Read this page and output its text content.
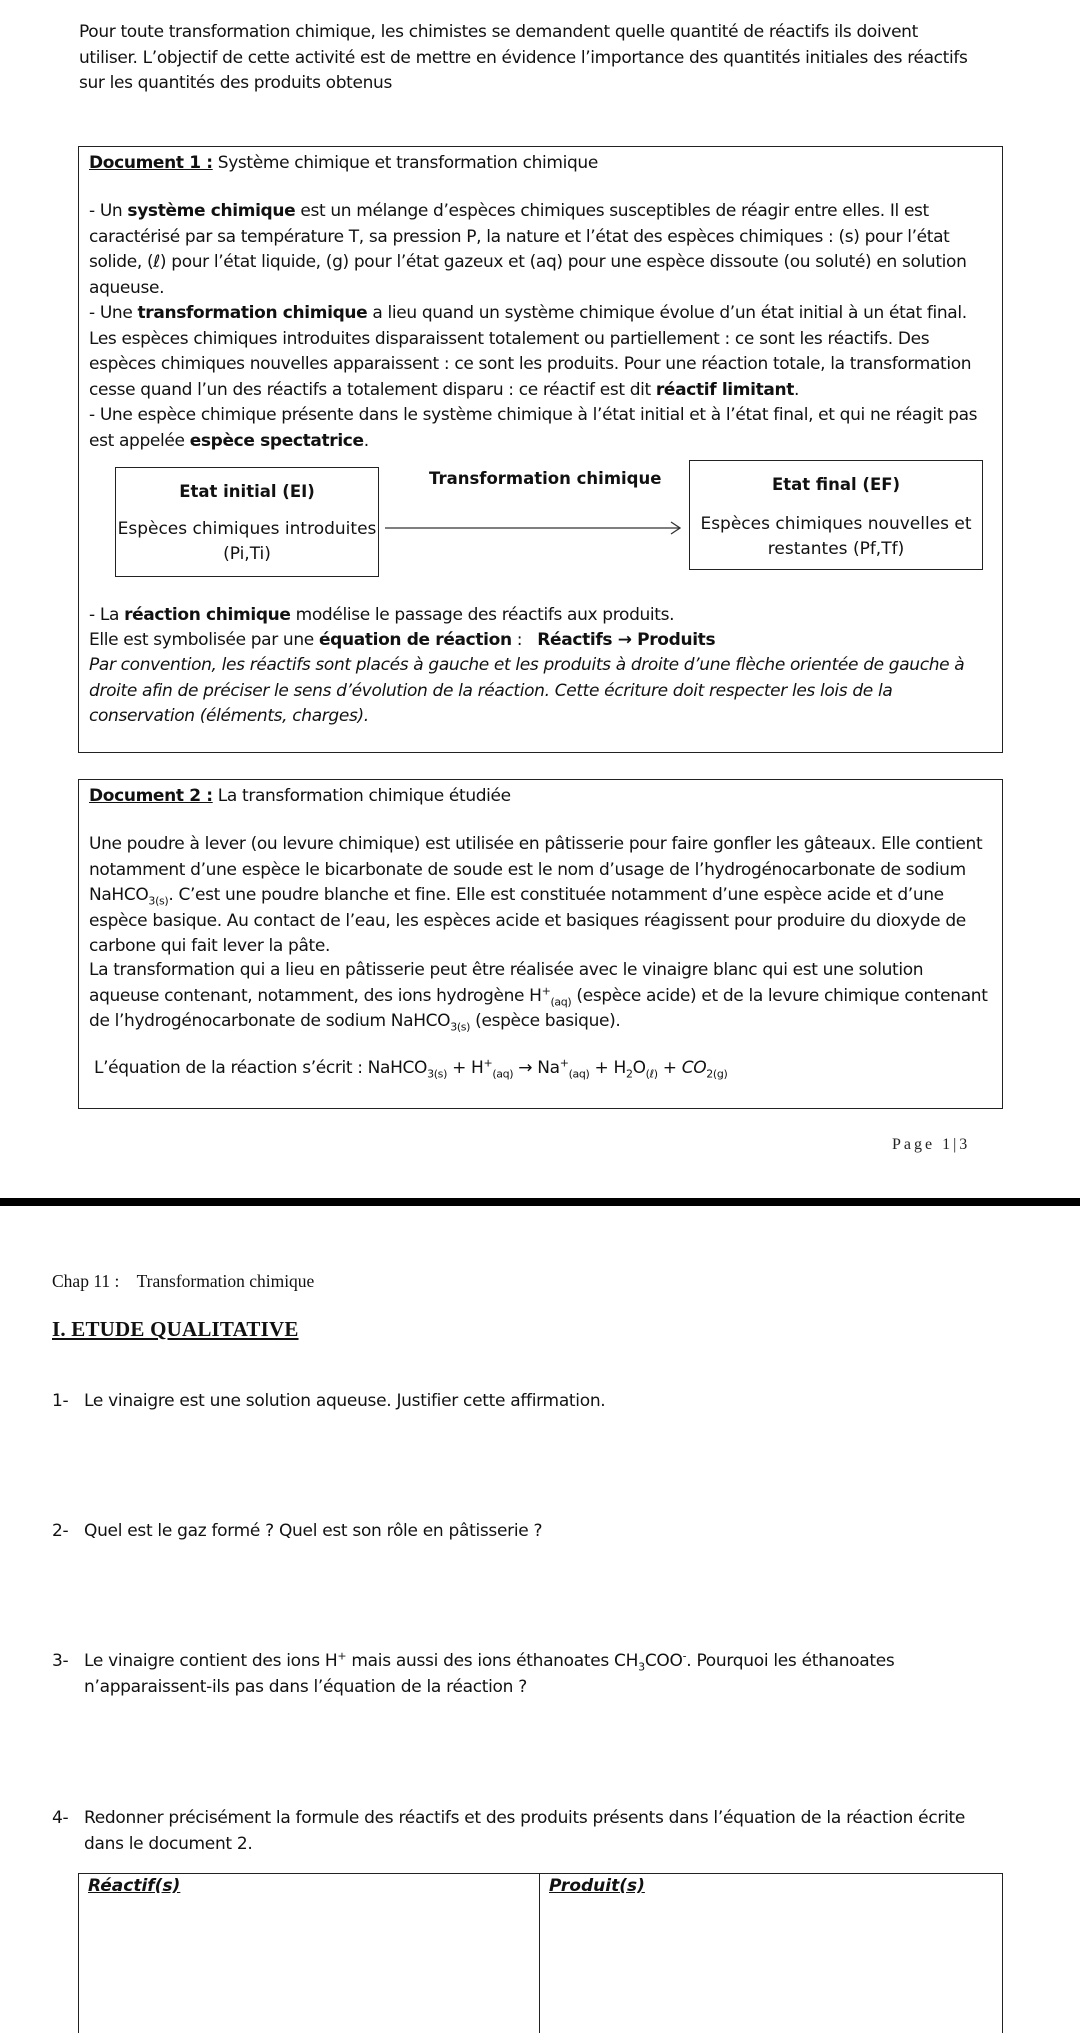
Pour toute transformation chimique, les chimistes se demandent quelle quantité de réactifs ils doivent utiliser. L’objectif de cette activité est de mettre en évidence l’importance des quantités initiales des réactifs sur les quantités des produits obtenus
Document 1 : Système chimique et transformation chimique
- Un système chimique est un mélange d’espèces chimiques susceptibles de réagir entre elles. Il est caractérisé par sa température T, sa pression P, la nature et l’état des espèces chimiques : (s) pour l’état solide, (ℓ) pour l’état liquide, (g) pour l’état gazeux et (aq) pour une espèce dissoute (ou soluté) en solution aqueuse.
- Une transformation chimique a lieu quand un système chimique évolue d’un état initial à un état final. Les espèces chimiques introduites disparaissent totalement ou partiellement : ce sont les réactifs. Des espèces chimiques nouvelles apparaissent : ce sont les produits. Pour une réaction totale, la transformation cesse quand l’un des réactifs a totalement disparu : ce réactif est dit réactif limitant.
- Une espèce chimique présente dans le système chimique à l’état initial et à l’état final, et qui ne réagit pas est appelée espèce spectatrice.
Etat initial (EI)
Espèces chimiques introduites (Pi,Ti)
Transformation chimique	Etat final (EF)
Espèces chimiques nouvelles et restantes (Pf,Tf)
- La réaction chimique modélise le passage des réactifs aux produits.
Elle est symbolisée par une équation de réaction :   Réactifs → Produits
Par convention, les réactifs sont placés à gauche et les produits à droite d’une flèche orientée de gauche à droite afin de préciser le sens d’évolution de la réaction. Cette écriture doit respecter les lois de la conservation (éléments, charges).
Document 2 : La transformation chimique étudiée
Une poudre à lever (ou levure chimique) est utilisée en pâtisserie pour faire gonfler les gâteaux. Elle contient notamment d’une espèce le bicarbonate de soude est le nom d’usage de l’hydrogénocarbonate de sodium NaHCO$_{3(s)}$. C’est une poudre blanche et fine. Elle est constituée notamment d’une espèce acide et d’une espèce basique. Au contact de l’eau, les espèces acide et basiques réagissent pour produire du dioxyde de carbone qui fait lever la pâte.
La transformation qui a lieu en pâtisserie peut être réalisée avec le vinaigre blanc qui est une solution aqueuse contenant, notamment, des ions hydrogène $H^+_{(aq)}$ (espèce acide) et de la levure chimique contenant de l’hydrogénocarbonate de sodium NaHCO$_{3(s)}$ (espèce basique).
L’équation de la réaction s’écrit : NaHCO$_{3(s)}$ + $H^+_{(aq)} \to Na^+_{(aq)} + H_2O_{(\ell)} + CO_{2(g)}$
Page 1|3
Chap 11 :    Transformation chimique
I. ETUDE QUALITATIVE
1- Le vinaigre est une solution aqueuse. Justifier cette affirmation.
2- Quel est le gaz formé ? Quel est son rôle en pâtisserie ?
3- Le vinaigre contient des ions H+ mais aussi des ions éthanoates $CH_3COO^-$. Pourquoi les éthanoates
n’apparaissent-ils pas dans l’équation de la réaction ?
4- Redonner précisément la formule des réactifs et des produits présents dans l’équation de la réaction écrite
dans le document 2.
Réactif(s)	Produit(s)
